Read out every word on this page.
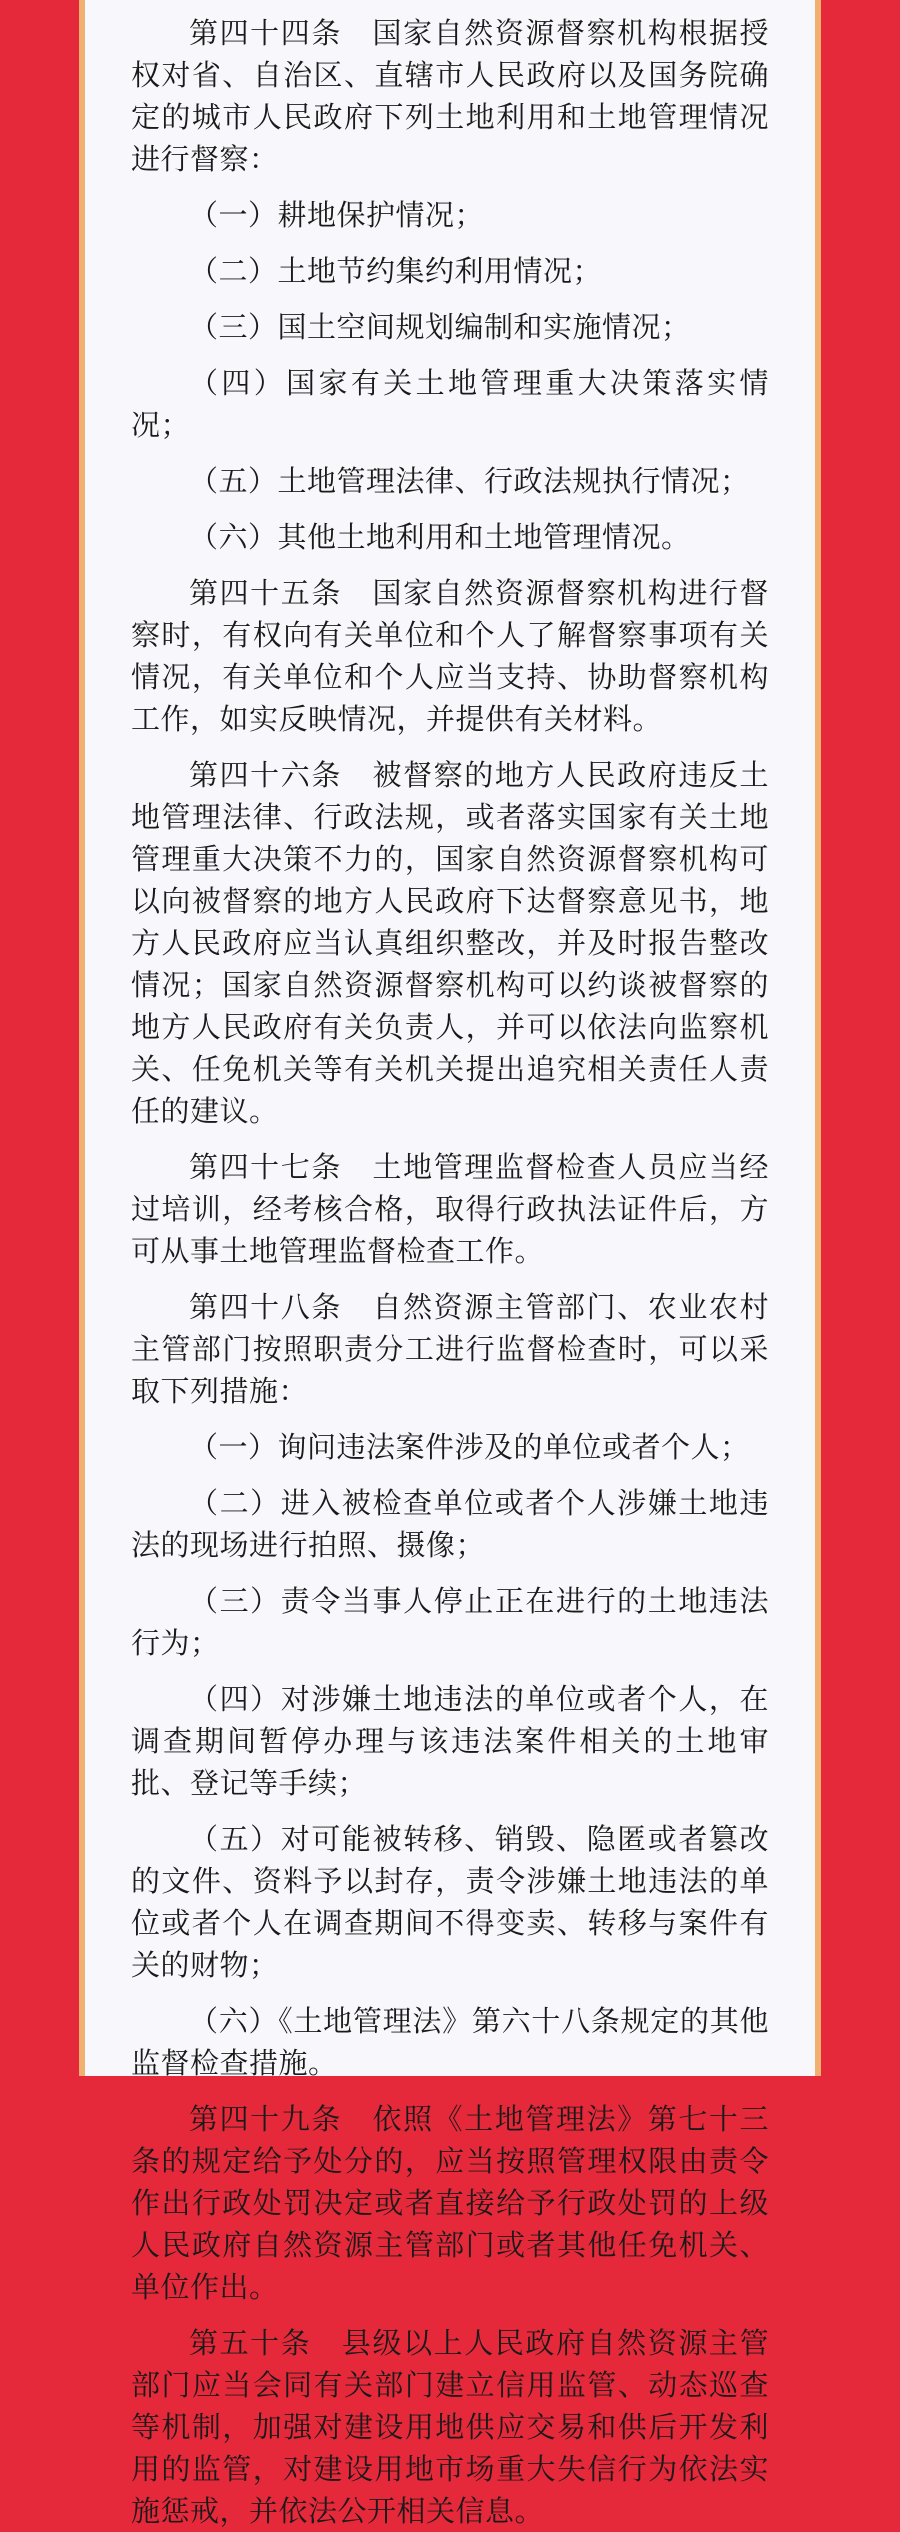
第四十四条　国家自然资源督察机构根据授权对省、自治区、直辖市人民政府以及国务院确定的城市人民政府下列土地利用和土地管理情况进行督察：

（一）耕地保护情况；

（二）土地节约集约利用情况；

（三）国土空间规划编制和实施情况；

（四）国家有关土地管理重大决策落实情况；

（五）土地管理法律、行政法规执行情况；

（六）其他土地利用和土地管理情况。

第四十五条　国家自然资源督察机构进行督察时，有权向有关单位和个人了解督察事项有关情况，有关单位和个人应当支持、协助督察机构工作，如实反映情况，并提供有关材料。

第四十六条　被督察的地方人民政府违反土地管理法律、行政法规，或者落实国家有关土地管理重大决策不力的，国家自然资源督察机构可以向被督察的地方人民政府下达督察意见书，地方人民政府应当认真组织整改，并及时报告整改情况；国家自然资源督察机构可以约谈被督察的地方人民政府有关负责人，并可以依法向监察机关、任免机关等有关机关提出追究相关责任人责任的建议。

第四十七条　土地管理监督检查人员应当经过培训，经考核合格，取得行政执法证件后，方可从事土地管理监督检查工作。

第四十八条　自然资源主管部门、农业农村主管部门按照职责分工进行监督检查时，可以采取下列措施：

（一）询问违法案件涉及的单位或者个人；

（二）进入被检查单位或者个人涉嫌土地违法的现场进行拍照、摄像；

（三）责令当事人停止正在进行的土地违法行为；

（四）对涉嫌土地违法的单位或者个人，在调查期间暂停办理与该违法案件相关的土地审批、登记等手续；

（五）对可能被转移、销毁、隐匿或者篡改的文件、资料予以封存，责令涉嫌土地违法的单位或者个人在调查期间不得变卖、转移与案件有关的财物；

（六）《土地管理法》第六十八条规定的其他监督检查措施。

第四十九条　依照《土地管理法》第七十三条的规定给予处分的，应当按照管理权限由责令作出行政处罚决定或者直接给予行政处罚的上级人民政府自然资源主管部门或者其他任免机关、单位作出。

第五十条　县级以上人民政府自然资源主管部门应当会同有关部门建立信用监管、动态巡查等机制，加强对建设用地供应交易和供后开发利用的监管，对建设用地市场重大失信行为依法实施惩戒，并依法公开相关信息。
